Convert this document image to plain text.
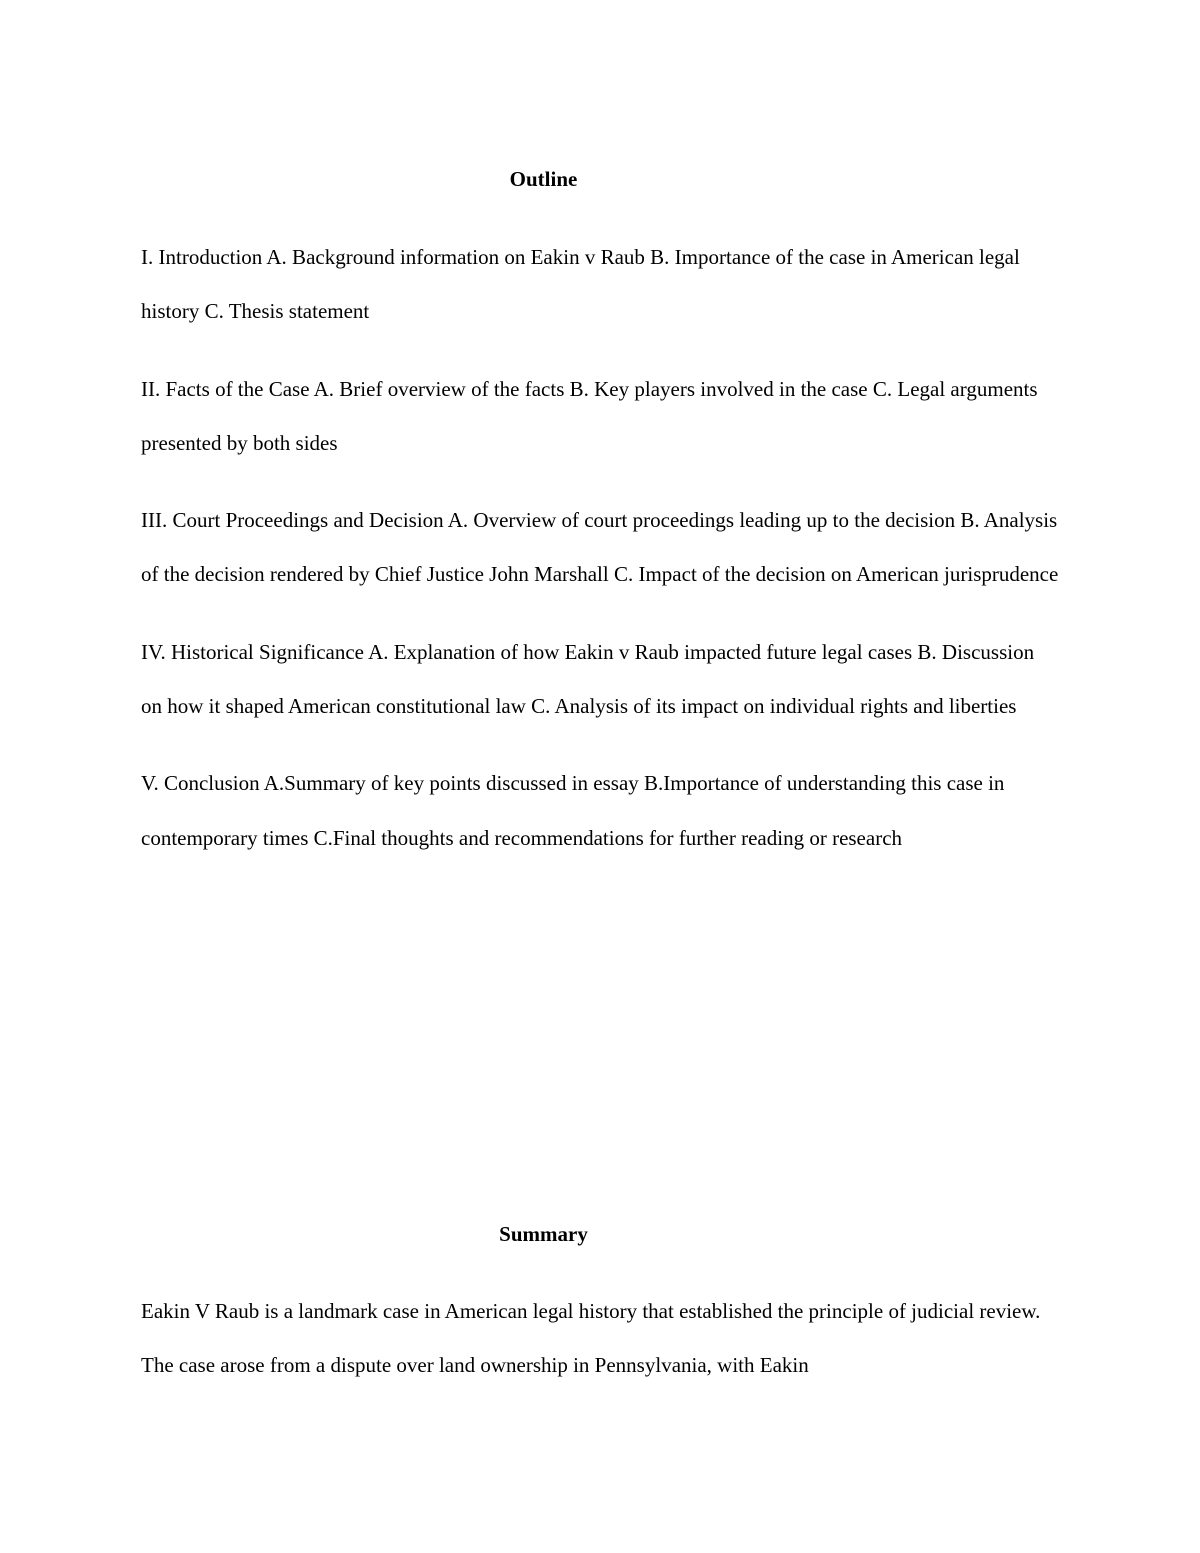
Outline

I. Introduction A. Background information on Eakin v Raub B. Importance of the case in American legal history C. Thesis statement

II. Facts of the Case A. Brief overview of the facts B. Key players involved in the case C. Legal arguments presented by both sides

III. Court Proceedings and Decision A. Overview of court proceedings leading up to the decision B. Analysis of the decision rendered by Chief Justice John Marshall C. Impact of the decision on American jurisprudence

IV. Historical Significance A. Explanation of how Eakin v Raub impacted future legal cases B. Discussion on how it shaped American constitutional law C. Analysis of its impact on individual rights and liberties

V. Conclusion A.Summary of key points discussed in essay B.Importance of understanding this case in contemporary times C.Final thoughts and recommendations for further reading or research

Summary

Eakin V Raub is a landmark case in American legal history that established the principle of judicial review. The case arose from a dispute over land ownership in Pennsylvania, with Eakin
